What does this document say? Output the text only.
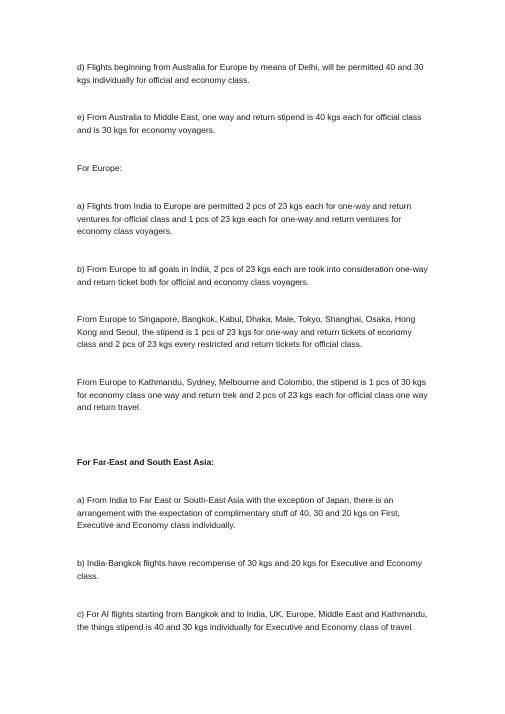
d) Flights beginning from Australia for Europe by means of Delhi, will be permitted 40 and 30 kgs individually for official and economy class.

e) From Australia to Middle East, one way and return stipend is 40 kgs each for official class and is 30 kgs for economy voyagers.

For Europe:

a) Flights from India to Europe are permitted 2 pcs of 23 kgs each for one-way and return ventures for official class and 1 pcs of 23 kgs each for one-way and return ventures for economy class voyagers.

b) From Europe to all goals in India, 2 pcs of 23 kgs each are took into consideration one-way and return ticket both for official and economy class voyagers.

From Europe to Singapore, Bangkok, Kabul, Dhaka, Male, Tokyo, Shanghai, Osaka, Hong Kong and Seoul, the stipend is 1 pcs of 23 kgs for one-way and return tickets of economy class and 2 pcs of 23 kgs every restricted and return tickets for official class.

From Europe to Kathmandu, Sydney, Melbourne and Colombo, the stipend is 1 pcs of 30 kgs for economy class one way and return trek and 2 pcs of 23 kgs each for official class one way and return travel.

For Far-East and South East Asia:

a) From India to Far East or South-East Asia with the exception of Japan, there is an arrangement with the expectation of complimentary stuff of 40, 30 and 20 kgs on First, Executive and Economy class individually.

b) India-Bangkok flights have recompense of 30 kgs and 20 kgs for Executive and Economy class.

c) For AI flights starting from Bangkok and to India, UK, Europe, Middle East and Kathmandu, the things stipend is 40 and 30 kgs individually for Executive and Economy class of travel.
